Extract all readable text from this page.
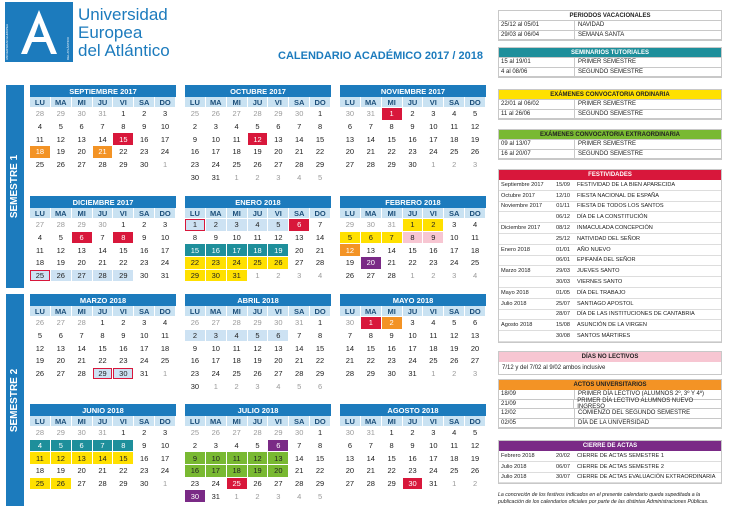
UNIVERSIDAD EUROPEA	DEL ATLÁNTICO
Universidad
Europea
del Atlántico	CALENDARIO ACADÉMICO 2017 / 2018
SEMESTRE 1
SEMESTRE 2
SEPTIEMBRE 2017
LU	MA	MI	JU	VI	SA	DO
28	29	30	31	1	2	3
4	5	6	7	8	9	10
11	12	13	14	15	16	17
18	19	20	21	22	23	24
25	26	27	28	29	30	1
OCTUBRE 2017
LU	MA	MI	JU	VI	SA	DO
25	26	27	28	29	30	1
2	3	4	5	6	7	8
9	10	11	12	13	14	15
16	17	18	19	20	21	22
23	24	25	26	27	28	29
30	31	1	2	3	4	5
NOVIEMBRE 2017
LU	MA	MI	JU	VI	SA	DO
30	31	1	2	3	4	5
6	7	8	9	10	11	12
13	14	15	16	17	18	19
20	21	22	23	24	25	26
27	28	29	30	1	2	3
DICIEMBRE 2017
LU	MA	MI	JU	VI	SA	DO
27	28	29	30	1	2	3
4	5	6	7	8	9	10
11	12	13	14	15	16	17
18	19	20	21	22	23	24
25	26	27	28	29	30	31
ENERO 2018
LU	MA	MI	JU	VI	SA	DO
1	2	3	4	5	6	7
8	9	10	11	12	13	14
15	16	17	18	19	20	21
22	23	24	25	26	27	28
29	30	31	1	2	3	4
FEBRERO 2018
LU	MA	MI	JU	VI	SA	DO
29	30	31	1	2	3	4
5	6	7	8	9	10	11
12	13	14	15	16	17	18
19	20	21	22	23	24	25
26	27	28	1	2	3	4
MARZO 2018
LU	MA	MI	JU	VI	SA	DO
26	27	28	1	2	3	4
5	6	7	8	9	10	11
12	13	14	15	16	17	18
19	20	21	22	23	24	25
26	27	28	29	30	31	1
ABRIL 2018
LU	MA	MI	JU	VI	SA	DO
26	27	28	29	30	31	1
2	3	4	5	6	7	8
9	10	11	12	13	14	15
16	17	18	19	20	21	22
23	24	25	26	27	28	29
30	1	2	3	4	5	6
MAYO 2018
LU	MA	MI	JU	VI	SA	DO
30	1	2	3	4	5	6
7	8	9	10	11	12	13
14	15	16	17	18	19	20
21	22	23	24	25	26	27
28	29	30	31	1	2	3
JUNIO 2018
LU	MA	MI	JU	VI	SA	DO
28	29	30	31	1	2	3
4	5	6	7	8	9	10
11	12	13	14	15	16	17
18	19	20	21	22	23	24
25	26	27	28	29	30	1
JULIO 2018
LU	MA	MI	JU	VI	SA	DO
25	26	27	28	29	30	1
2	3	4	5	6	7	8
9	10	11	12	13	14	15
16	17	18	19	20	21	22
23	24	25	26	27	28	29
30	31	1	2	3	4	5
AGOSTO 2018
LU	MA	MI	JU	VI	SA	DO
30	31	1	2	3	4	5
6	7	8	9	10	11	12
13	14	15	16	17	18	19
20	21	22	23	24	25	26
27	28	29	30	31	1	2
PERIODOS VACACIONALES
25/12 al 05/01	NAVIDAD
29/03 al 06/04	SEMANA SANTA
SEMINARIOS TUTORIALES
15 al 19/01	PRIMER SEMESTRE
4 al 08/06	SEGUNDO SEMESTRE
EXÁMENES CONVOCATORIA ORDINARIA
22/01 al 06/02	PRIMER SEMESTRE
11 al 26/06	SEGUNDO SEMESTRE
EXÁMENES CONVOCATORIA EXTRAORDINARIA
09 al 13/07	PRIMER SEMESTRE
16 al 20/07	SEGUNDO SEMESTRE
FESTIVIDADES
Septiembre 2017	15/09	FESTIVIDAD DE LA BIEN APARECIDA
Octubre 2017	12/10	FIESTA NACIONAL DE ESPAÑA
Noviembre 2017	01/11	FIESTA DE TODOS LOS SANTOS
06/12	DÍA DE LA CONSTITUCIÓN
Diciembre 2017	08/12	INMACULADA CONCEPCIÓN
25/12	NATIVIDAD DEL SEÑOR
Enero 2018	01/01	AÑO NUEVO
06/01	EPIFANÍA DEL SEÑOR
Marzo 2018	29/03	JUEVES SANTO
30/03	VIERNES SANTO
Mayo 2018	01/05	DÍA DEL TRABAJO
Julio 2018	25/07	SANTIAGO APOSTOL
28/07	DÍA DE LAS INSTITUCIONES DE CANTABRIA
Agosto 2018	15/08	ASUNCIÓN DE LA VIRGEN
30/08	SANTOS MÁRTIRES
DÍAS NO LECTIVOS
7/12 y del 7/02 al 9/02 ambos inclusive
ACTOS UNIVERSITARIOS
18/09	PRIMER DÍA LECTIVO (ALUMNOS 2º, 3º Y 4º)
21/09	PRIMER DÍA LECTIVO ALUMNOS NUEVO INGRESO
12/02	COMIENZO DEL SEGUNDO SEMESTRE
02/05	DÍA DE LA UNIVERSIDAD
CIERRE DE ACTAS
Febrero 2018	20/02	CIERRE DE ACTAS SEMESTRE 1
Julio 2018	06/07	CIERRE DE ACTAS SEMESTRE 2
Julio 2018	30/07	CIERRE DE ACTAS EVALUACIÓN EXTRAORDINARIA
La concreción de los festivos indicados en el presente calendario queda supeditada a la publicación de los calendarios oficiales por parte de las distintas Administraciones Públicas.
